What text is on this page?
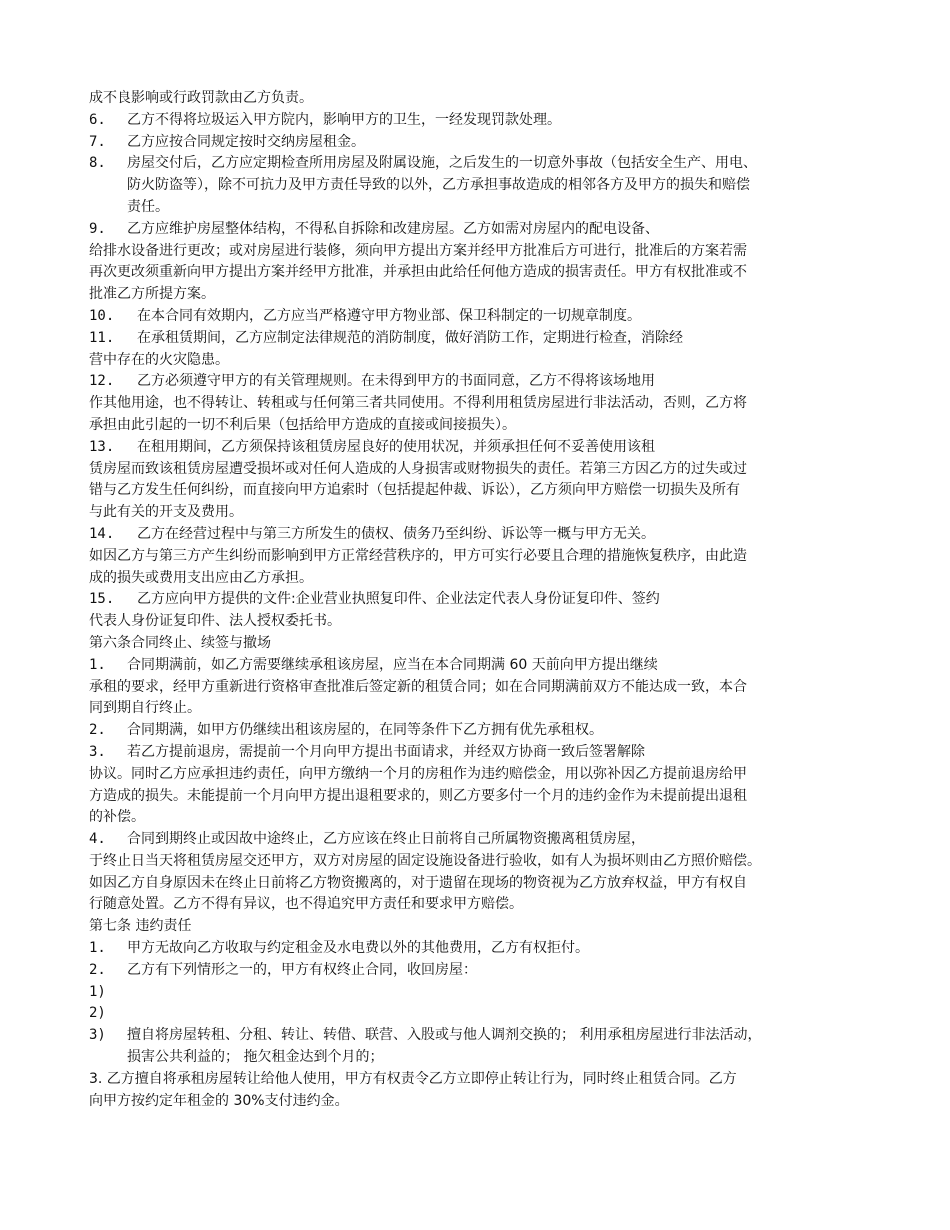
成不良影响或行政罚款由乙方负责。
6. 乙方不得将垃圾运入甲方院内，影响甲方的卫生，一经发现罚款处理。
7. 乙方应按合同规定按时交纳房屋租金。
8. 房屋交付后，乙方应定期检查所用房屋及附属设施，之后发生的一切意外事故（包括安全生产、用电、
防火防盗等），除不可抗力及甲方责任导致的以外，乙方承担事故造成的相邻各方及甲方的损失和赔偿
责任。
9. 乙方应维护房屋整体结构，不得私自拆除和改建房屋。乙方如需对房屋内的配电设备、
给排水设备进行更改；或对房屋进行装修，须向甲方提出方案并经甲方批准后方可进行，批准后的方案若需
再次更改须重新向甲方提出方案并经甲方批准，并承担由此给任何他方造成的损害责任。甲方有权批准或不
批准乙方所提方案。
10. 在本合同有效期内，乙方应当严格遵守甲方物业部、保卫科制定的一切规章制度。
11. 在承租赁期间，乙方应制定法律规范的消防制度，做好消防工作，定期进行检查，消除经
营中存在的火灾隐患。
12. 乙方必须遵守甲方的有关管理规则。在未得到甲方的书面同意，乙方不得将该场地用
作其他用途，也不得转让、转租或与任何第三者共同使用。不得利用租赁房屋进行非法活动，否则，乙方将
承担由此引起的一切不利后果（包括给甲方造成的直接或间接损失）。
13. 在租用期间，乙方须保持该租赁房屋良好的使用状况，并须承担任何不妥善使用该租
赁房屋而致该租赁房屋遭受损坏或对任何人造成的人身损害或财物损失的责任。若第三方因乙方的过失或过
错与乙方发生任何纠纷，而直接向甲方追索时（包括提起仲裁、诉讼），乙方须向甲方赔偿一切损失及所有
与此有关的开支及费用。
14. 乙方在经营过程中与第三方所发生的债权、债务乃至纠纷、诉讼等一概与甲方无关。
如因乙方与第三方产生纠纷而影响到甲方正常经营秩序的，甲方可实行必要且合理的措施恢复秩序，由此造
成的损失或费用支出应由乙方承担。
15. 乙方应向甲方提供的文件:企业营业执照复印件、企业法定代表人身份证复印件、签约
代表人身份证复印件、法人授权委托书。
第六条合同终止、续签与撤场
1. 合同期满前，如乙方需要继续承租该房屋，应当在本合同期满 60 天前向甲方提出继续
承租的要求，经甲方重新进行资格审查批准后签定新的租赁合同；如在合同期满前双方不能达成一致，本合
同到期自行终止。
2. 合同期满，如甲方仍继续出租该房屋的，在同等条件下乙方拥有优先承租权。
3. 若乙方提前退房，需提前一个月向甲方提出书面请求，并经双方协商一致后签署解除
协议。同时乙方应承担违约责任，向甲方缴纳一个月的房租作为违约赔偿金，用以弥补因乙方提前退房给甲
方造成的损失。未能提前一个月向甲方提出退租要求的，则乙方要多付一个月的违约金作为未提前提出退租
的补偿。
4. 合同到期终止或因故中途终止，乙方应该在终止日前将自己所属物资搬离租赁房屋，
于终止日当天将租赁房屋交还甲方，双方对房屋的固定设施设备进行验收，如有人为损坏则由乙方照价赔偿。
如因乙方自身原因未在终止日前将乙方物资搬离的，对于遗留在现场的物资视为乙方放弃权益，甲方有权自
行随意处置。乙方不得有异议，也不得追究甲方责任和要求甲方赔偿。
第七条 违约责任
1. 甲方无故向乙方收取与约定租金及水电费以外的其他费用，乙方有权拒付。
2. 乙方有下列情形之一的，甲方有权终止合同，收回房屋：
1)
2)
3) 擅自将房屋转租、分租、转让、转借、联营、入股或与他人调剂交换的； 利用承租房屋进行非法活动，
损害公共利益的； 拖欠租金达到个月的；
3. 乙方擅自将承租房屋转让给他人使用，甲方有权责令乙方立即停止转让行为，同时终止租赁合同。乙方
向甲方按约定年租金的 30%支付违约金。
